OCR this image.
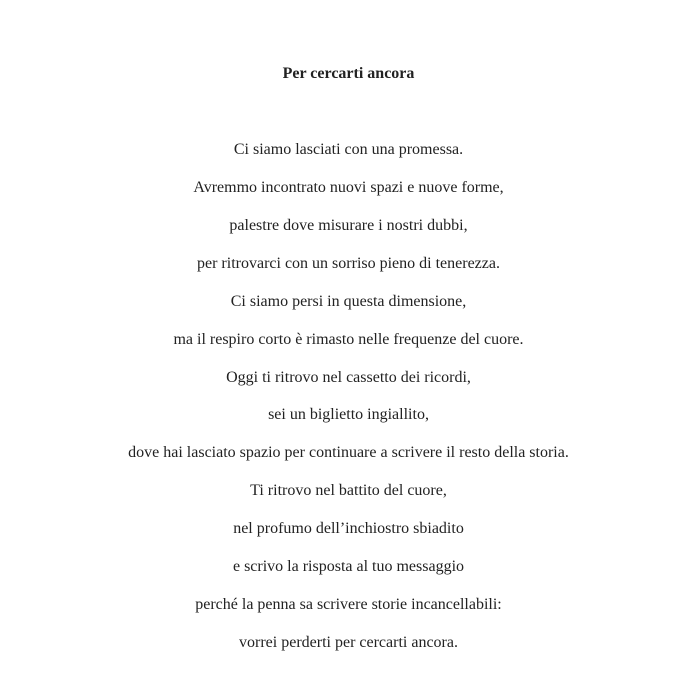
Per cercarti ancora
Ci siamo lasciati con una promessa.
Avremmo incontrato nuovi spazi e nuove forme,
palestre dove misurare i nostri dubbi,
per ritrovarci con un sorriso pieno di tenerezza.
Ci siamo persi in questa dimensione,
ma il respiro corto è rimasto nelle frequenze del cuore.
Oggi ti ritrovo nel cassetto dei ricordi,
sei un biglietto ingiallito,
dove hai lasciato spazio per continuare a scrivere il resto della storia.
Ti ritrovo nel battito del cuore,
nel profumo dell’inchiostro sbiadito
e scrivo la risposta al tuo messaggio
perché la penna sa scrivere storie incancellabili:
vorrei perderti per cercarti ancora.
